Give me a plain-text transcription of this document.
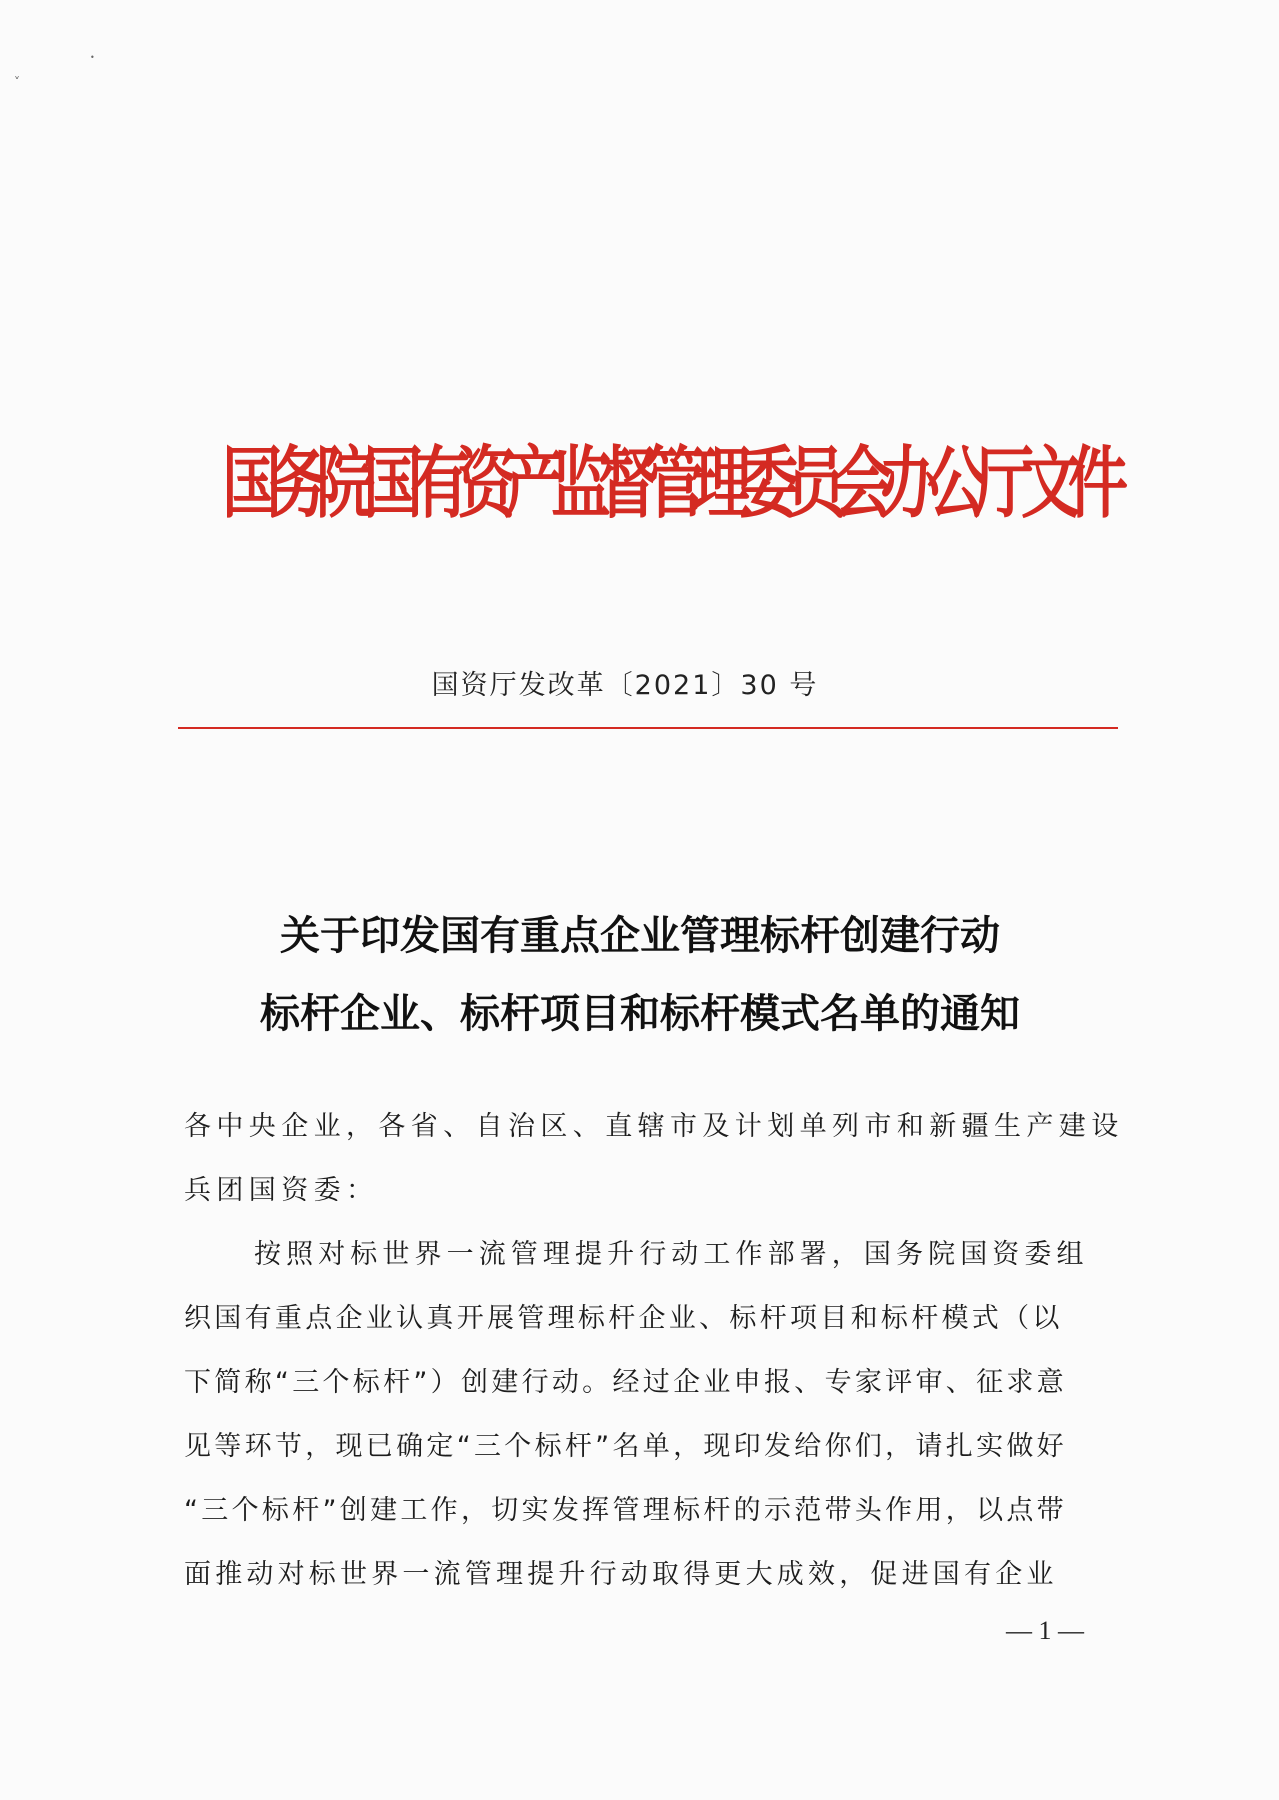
˅
•
国务院国有资产监督管理委员会办公厅文件
国资厅发改革〔2021〕30 号
关于印发国有重点企业管理标杆创建行动
标杆企业、标杆项目和标杆模式名单的通知
各中央企业，各省、自治区、直辖市及计划单列市和新疆生产建设
兵团国资委：
按照对标世界一流管理提升行动工作部署，国务院国资委组
织国有重点企业认真开展管理标杆企业、标杆项目和标杆模式（以
下简称“三个标杆”）创建行动。经过企业申报、专家评审、征求意
见等环节，现已确定“三个标杆”名单，现印发给你们，请扎实做好
“三个标杆”创建工作，切实发挥管理标杆的示范带头作用，以点带
面推动对标世界一流管理提升行动取得更大成效，促进国有企业
— 1 —
